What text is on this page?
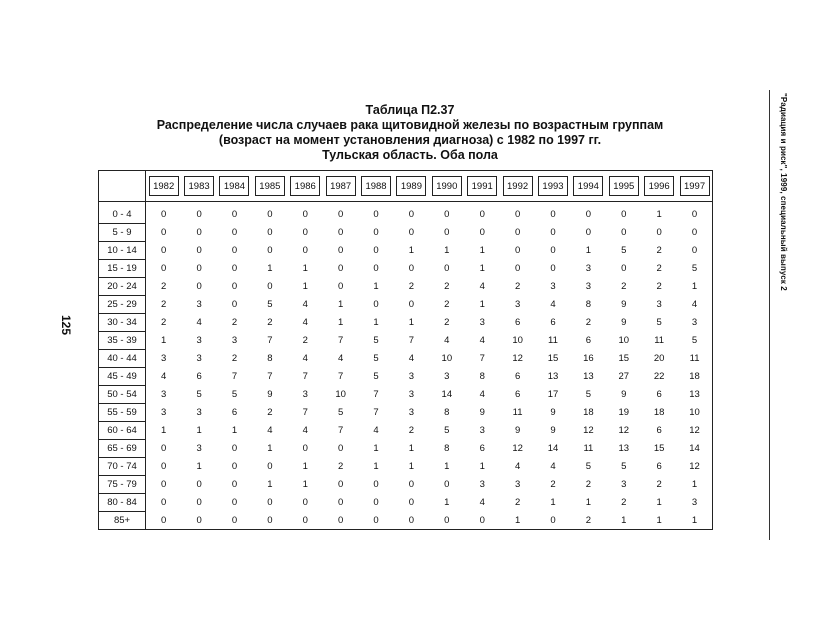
Таблица П2.37
Распределение числа случаев рака щитовидной железы по возрастным группам
(возраст на момент установления диагноза) с 1982 по 1997 гг.
Тульская область. Оба пола
125
"Радиация и риск", 1999, специальный выпуск 2
	1982	1983	1984	1985	1986	1987	1988	1989	1990	1991	1992	1993	1994	1995	1996	1997

0 - 4	0	0	0	0	0	0	0	0	0	0	0	0	0	0	1	0
5 - 9	0	0	0	0	0	0	0	0	0	0	0	0	0	0	0	0
10 - 14	0	0	0	0	0	0	0	1	1	1	0	0	1	5	2	0
15 - 19	0	0	0	1	1	0	0	0	0	1	0	0	3	0	2	5
20 - 24	2	0	0	0	1	0	1	2	2	4	2	3	3	2	2	1
25 - 29	2	3	0	5	4	1	0	0	2	1	3	4	8	9	3	4
30 - 34	2	4	2	2	4	1	1	1	2	3	6	6	2	9	5	3
35 - 39	1	3	3	7	2	7	5	7	4	4	10	11	6	10	11	5
40 - 44	3	3	2	8	4	4	5	4	10	7	12	15	16	15	20	11
45 - 49	4	6	7	7	7	7	5	3	3	8	6	13	13	27	22	18
50 - 54	3	5	5	9	3	10	7	3	14	4	6	17	5	9	6	13
55 - 59	3	3	6	2	7	5	7	3	8	9	11	9	18	19	18	10
60 - 64	1	1	1	4	4	7	4	2	5	3	9	9	12	12	6	12
65 - 69	0	3	0	1	0	0	1	1	8	6	12	14	11	13	15	14
70 - 74	0	1	0	0	1	2	1	1	1	1	4	4	5	5	6	12
75 - 79	0	0	0	1	1	0	0	0	0	3	3	2	2	3	2	1
80 - 84	0	0	0	0	0	0	0	0	1	4	2	1	1	2	1	3
85+	0	0	0	0	0	0	0	0	0	0	1	0	2	1	1	1
